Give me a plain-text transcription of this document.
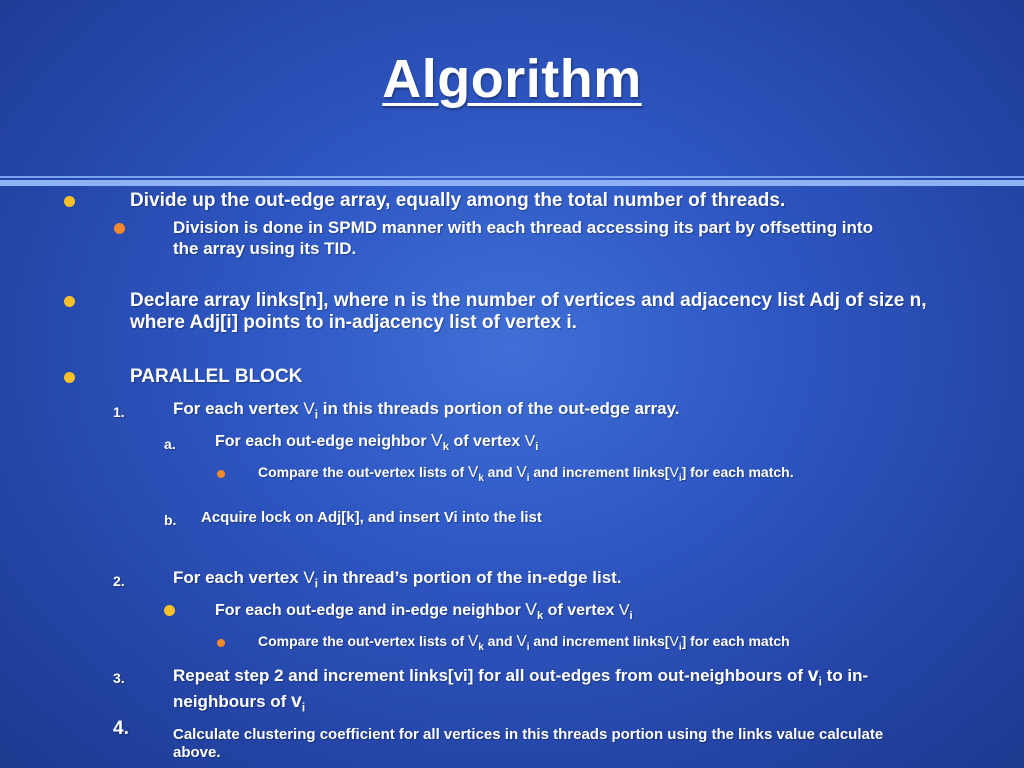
Algorithm
Divide up the out-edge array, equally among the total number of threads.
Division is done in SPMD manner with each thread accessing its part by offsetting into
the array using its TID.
Declare array links[n], where n is the number of vertices and adjacency list Adj of size n,
where Adj[i] points to in-adjacency list of vertex i.
PARALLEL BLOCK
1.	For each vertex $V_i$ in this threads portion of the out-edge array.
a. For each out-edge neighbor $V_k$ of vertex $V_i$
Compare the out-vertex lists of $V_k$ and $V_i$ and increment $links[V_i]$ for each match.
b. Acquire lock on Adj[k], and insert Vi into the list
2.	For each vertex $V_i$ in thread’s portion of the in-edge list.
For each out-edge and in-edge neighbor $V_k$ of vertex $V_i$
Compare the out-vertex lists of $V_k$ and $V_i$ and increment $links[V_i]$ for each match
3.	Repeat step 2 and increment links[vi] for all out-edges from out-neighbours of $v_i$ to in-
neighbours of $v_i$
4.	Calculate clustering coefficient for all vertices in this threads portion using the links value calculate
above.
